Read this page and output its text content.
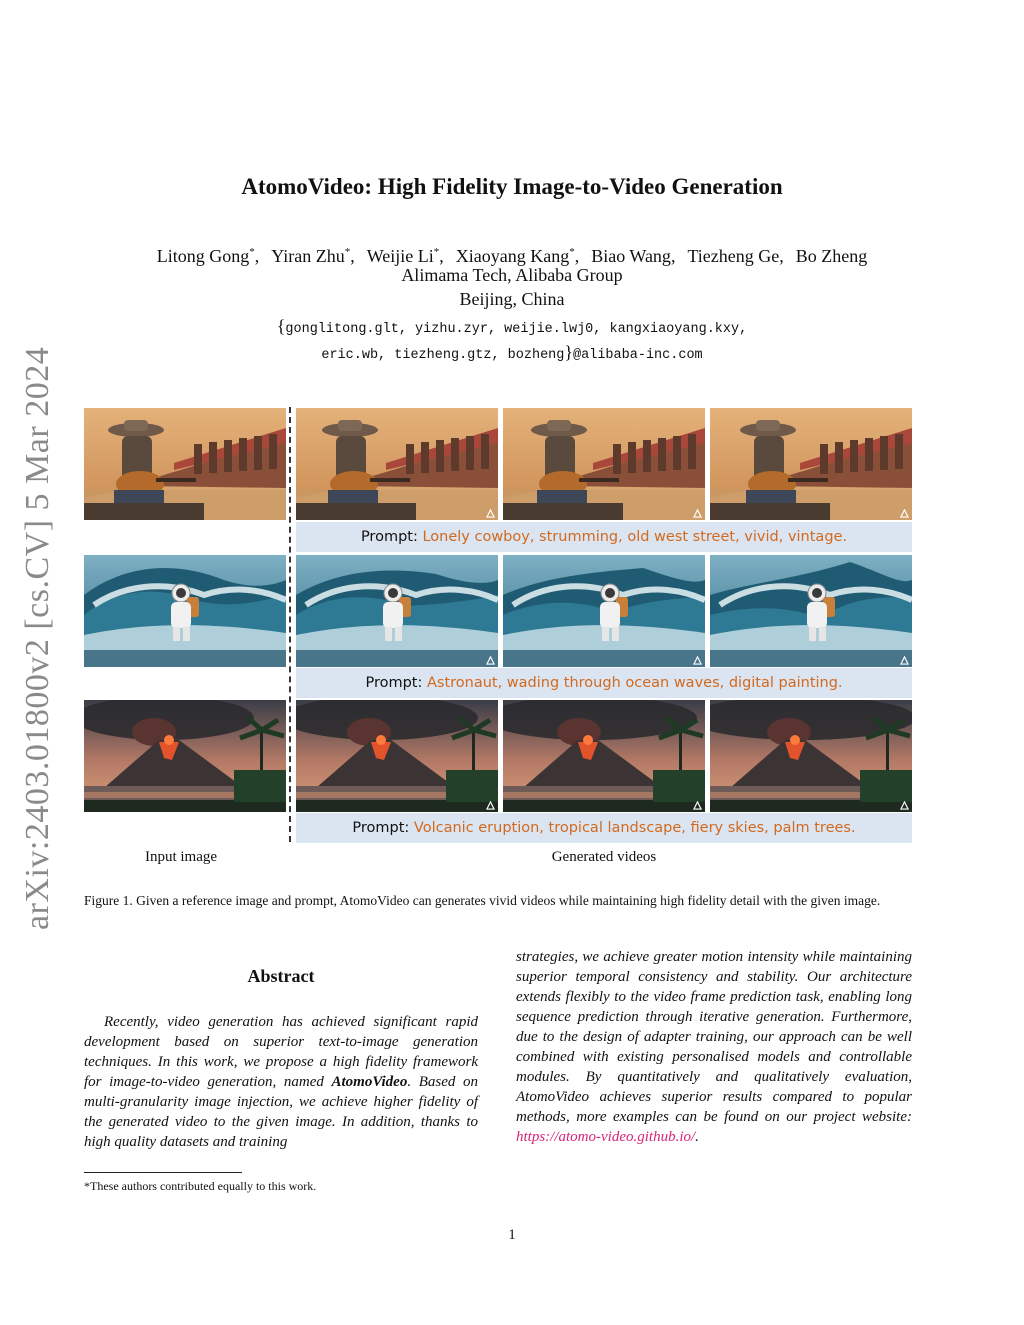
arXiv:2403.01800v2 [cs.CV] 5 Mar 2024
AtomoVideo: High Fidelity Image-to-Video Generation
Litong Gong*, Yiran Zhu*, Weijie Li*, Xiaoyang Kang*, Biao Wang, Tiezheng Ge, Bo Zheng
Alimama Tech, Alibaba Group
Beijing, China
{gonglitong.glt, yizhu.zyr, weijie.lwj0, kangxiaoyang.kxy,
eric.wb, tiezheng.gtz, bozheng}@alibaba-inc.com
Prompt: Lonely cowboy, strumming, old west street, vivid, vintage.
Prompt: Astronaut, wading through ocean waves, digital painting.
Prompt: Volcanic eruption, tropical landscape, fiery skies, palm trees.
Input image	Generated videos
Figure 1. Given a reference image and prompt, AtomoVideo can generates vivid videos while maintaining high fidelity detail with the given image.
Abstract
Recently, video generation has achieved significant rapid development based on superior text-to-image generation techniques. In this work, we propose a high fidelity framework for image-to-video generation, named AtomoVideo. Based on multi-granularity image injection, we achieve higher fidelity of the generated video to the given image. In addition, thanks to high quality datasets and training
strategies, we achieve greater motion intensity while maintaining superior temporal consistency and stability. Our architecture extends flexibly to the video frame prediction task, enabling long sequence prediction through iterative generation. Furthermore, due to the design of adapter training, our approach can be well combined with existing personalised models and controllable modules. By quantitatively and qualitatively evaluation, AtomoVideo achieves superior results compared to popular methods, more examples can be found on our project website: https://atomo-video.github.io/.
*These authors contributed equally to this work.
1
